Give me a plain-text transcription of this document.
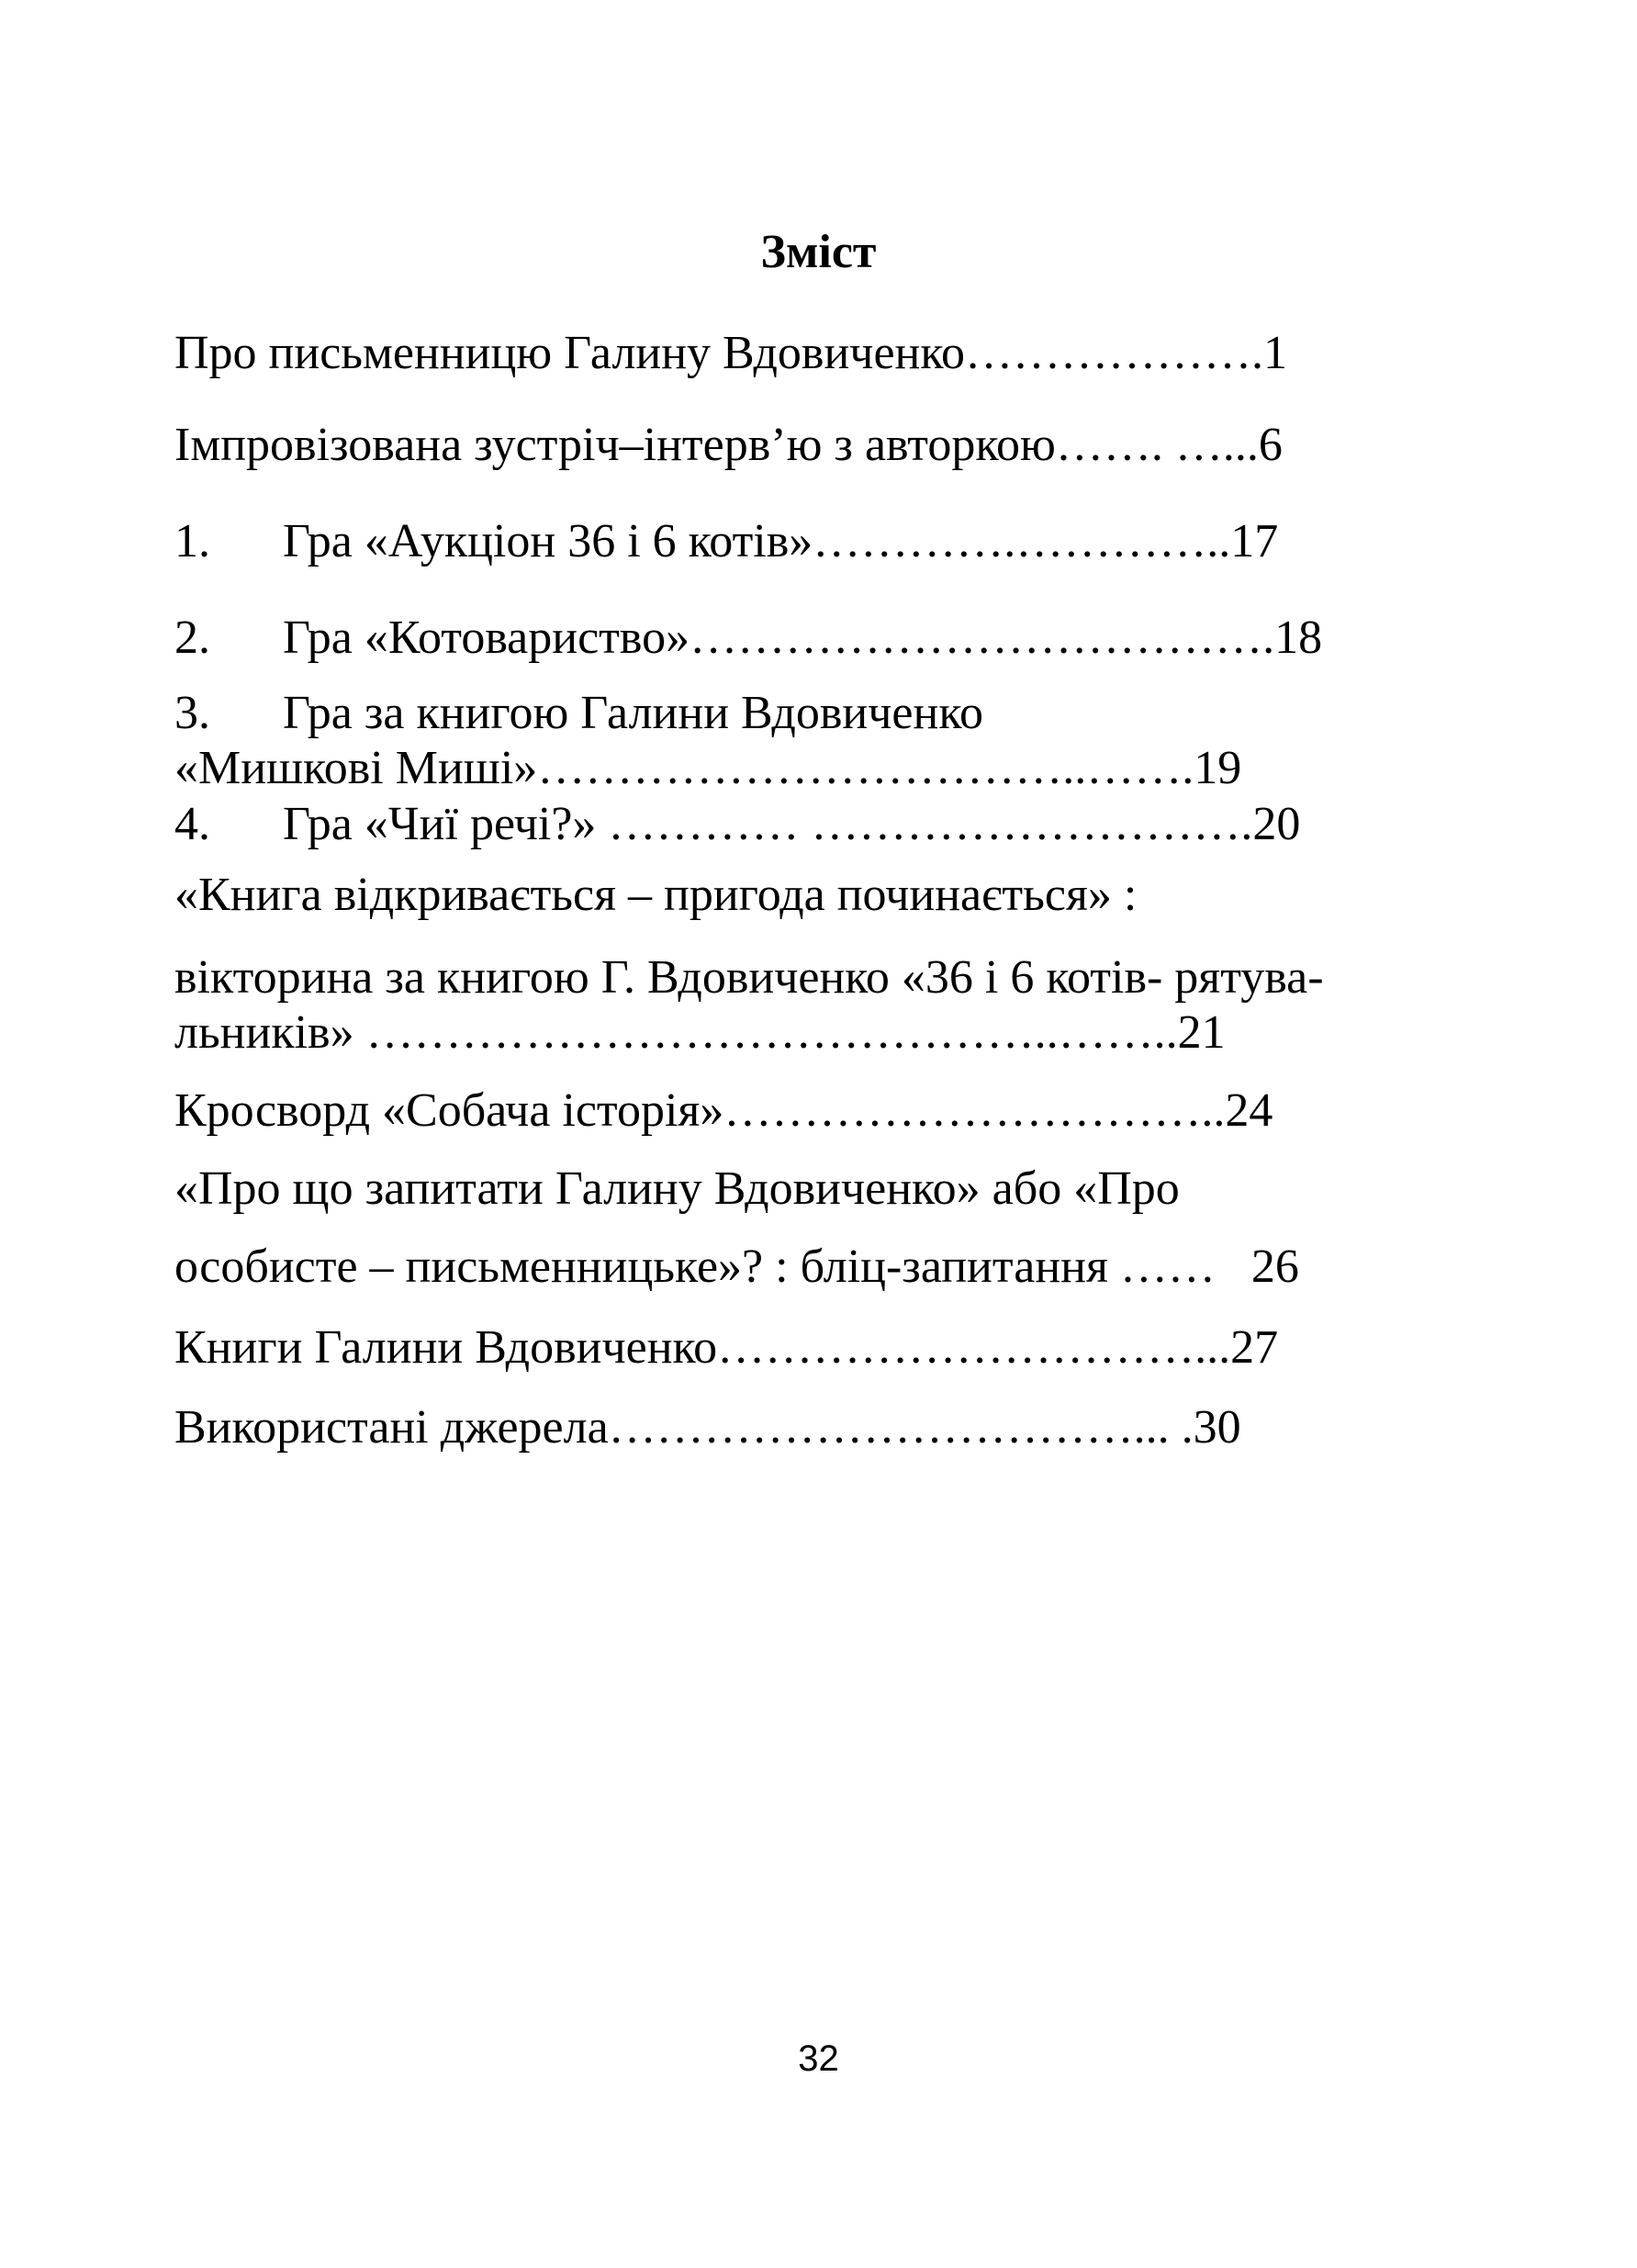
Зміст
Про письменницю Галину Вдовиченко……………….1
Імпровізована зустріч–інтерв’ю з авторкою……. …...6
1. Гра «Аукціон 36 і 6 котів»………….…………..17
2. Гра «Котовариство»……………………………….18
3. Гра за книгою Галини Вдовиченко
«Мишкові Миші»……………………………..…….19
4. Гра «Чиї речі?» ………… ……………………….20
«Книга відкривається – пригода починається» :
вікторина за книгою Г. Вдовиченко «36 і 6 котів- рятува-
льників» ……………………………………..……..21
Кросворд «Собача історія»…………………………..24
«Про що запитати Галину Вдовиченко» або «Про
особисте – письменницьке»? : бліц-запитання ……   26
Книги Галини Вдовиченко…………………………...27
Використані джерела……………………………... .30
32
